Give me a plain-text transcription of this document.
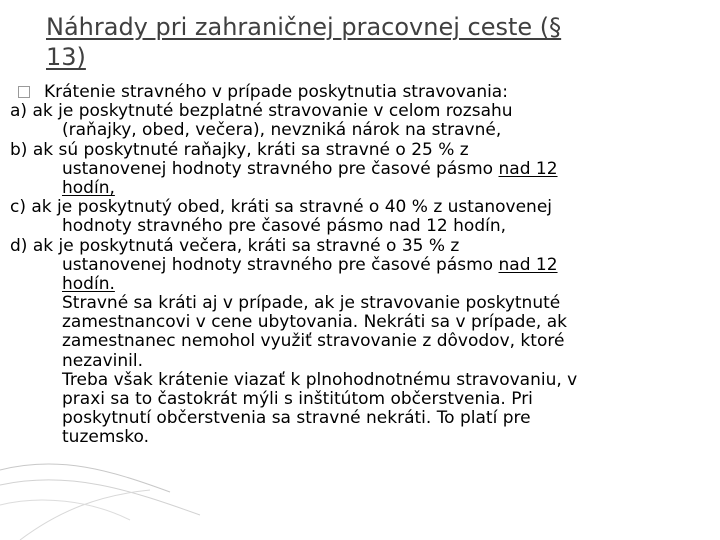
Náhrady pri zahraničnej pracovnej ceste (§
13)
Krátenie stravného v prípade poskytnutia stravovania:
a) ak je poskytnuté bezplatné stravovanie v celom rozsahu
(raňajky, obed, večera), nevzniká nárok na stravné,
b) ak sú poskytnuté raňajky, kráti sa stravné o 25 % z
ustanovenej hodnoty stravného pre časové pásmo nad 12
hodín,
c) ak je poskytnutý obed, kráti sa stravné o 40 % z ustanovenej
hodnoty stravného pre časové pásmo nad 12 hodín,
d) ak je poskytnutá večera, kráti sa stravné o 35 % z
ustanovenej hodnoty stravného pre časové pásmo nad 12
hodín.
Stravné sa kráti aj v prípade, ak je stravovanie poskytnuté
zamestnancovi v cene ubytovania. Nekráti sa v prípade, ak
zamestnanec nemohol využiť stravovanie z dôvodov, ktoré
nezavinil.
Treba však krátenie viazať k plnohodnotnému stravovaniu, v
praxi sa to častokrát mýli s inštitútom občerstvenia. Pri
poskytnutí občerstvenia sa stravné nekráti. To platí pre
tuzemsko.
